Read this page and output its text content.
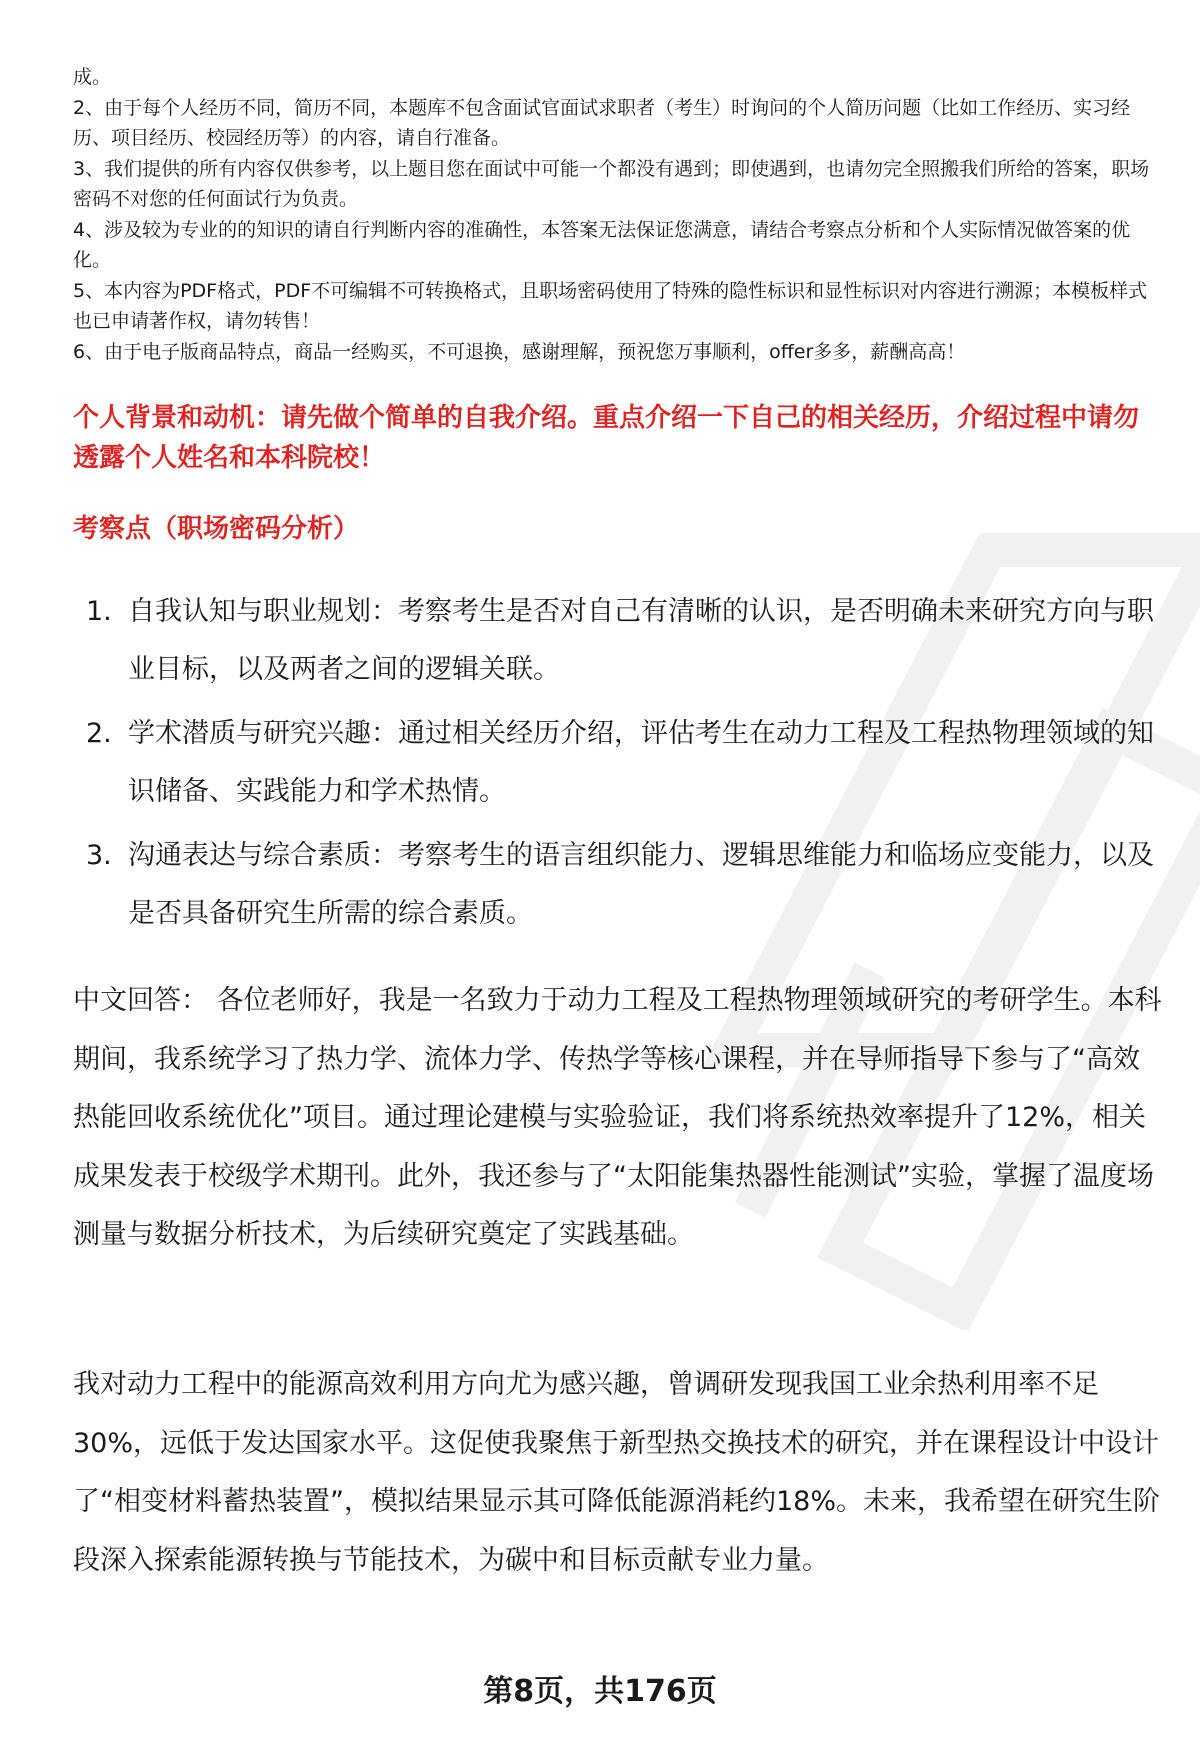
成。
2、由于每个人经历不同，简历不同，本题库不包含面试官面试求职者（考生）时询问的个人简历问题（比如工作经历、实习经历、项目经历、校园经历等）的内容，请自行准备。
3、我们提供的所有内容仅供参考，以上题目您在面试中可能一个都没有遇到；即使遇到，也请勿完全照搬我们所给的答案，职场密码不对您的任何面试行为负责。
4、涉及较为专业的的知识的请自行判断内容的准确性，本答案无法保证您满意，请结合考察点分析和个人实际情况做答案的优化。
5、本内容为PDF格式，PDF不可编辑不可转换格式，且职场密码使用了特殊的隐性标识和显性标识对内容进行溯源；本模板样式也已申请著作权，请勿转售！
6、由于电子版商品特点，商品一经购买，不可退换，感谢理解，预祝您万事顺利，offer多多，薪酬高高！
个人背景和动机：请先做个简单的自我介绍。重点介绍一下自己的相关经历，介绍过程中请勿透露个人姓名和本科院校！
考察点（职场密码分析）
1. 自我认知与职业规划：考察考生是否对自己有清晰的认识，是否明确未来研究方向与职业目标，以及两者之间的逻辑关联。
2. 学术潜质与研究兴趣：通过相关经历介绍，评估考生在动力工程及工程热物理领域的知识储备、实践能力和学术热情。
3. 沟通表达与综合素质：考察考生的语言组织能力、逻辑思维能力和临场应变能力，以及是否具备研究生所需的综合素质。

中文回答： 各位老师好，我是一名致力于动力工程及工程热物理领域研究的考研学生。本科期间，我系统学习了热力学、流体力学、传热学等核心课程，并在导师指导下参与了“高效热能回收系统优化”项目。通过理论建模与实验验证，我们将系统热效率提升了12%，相关成果发表于校级学术期刊。此外，我还参与了“太阳能集热器性能测试”实验，掌握了温度场测量与数据分析技术，为后续研究奠定了实践基础。

我对动力工程中的能源高效利用方向尤为感兴趣，曾调研发现我国工业余热利用率不足30%，远低于发达国家水平。这促使我聚焦于新型热交换技术的研究，并在课程设计中设计了“相变材料蓄热装置”，模拟结果显示其可降低能源消耗约18%。未来，我希望在研究生阶段深入探索能源转换与节能技术，为碳中和目标贡献专业力量。

第8页，共176页
